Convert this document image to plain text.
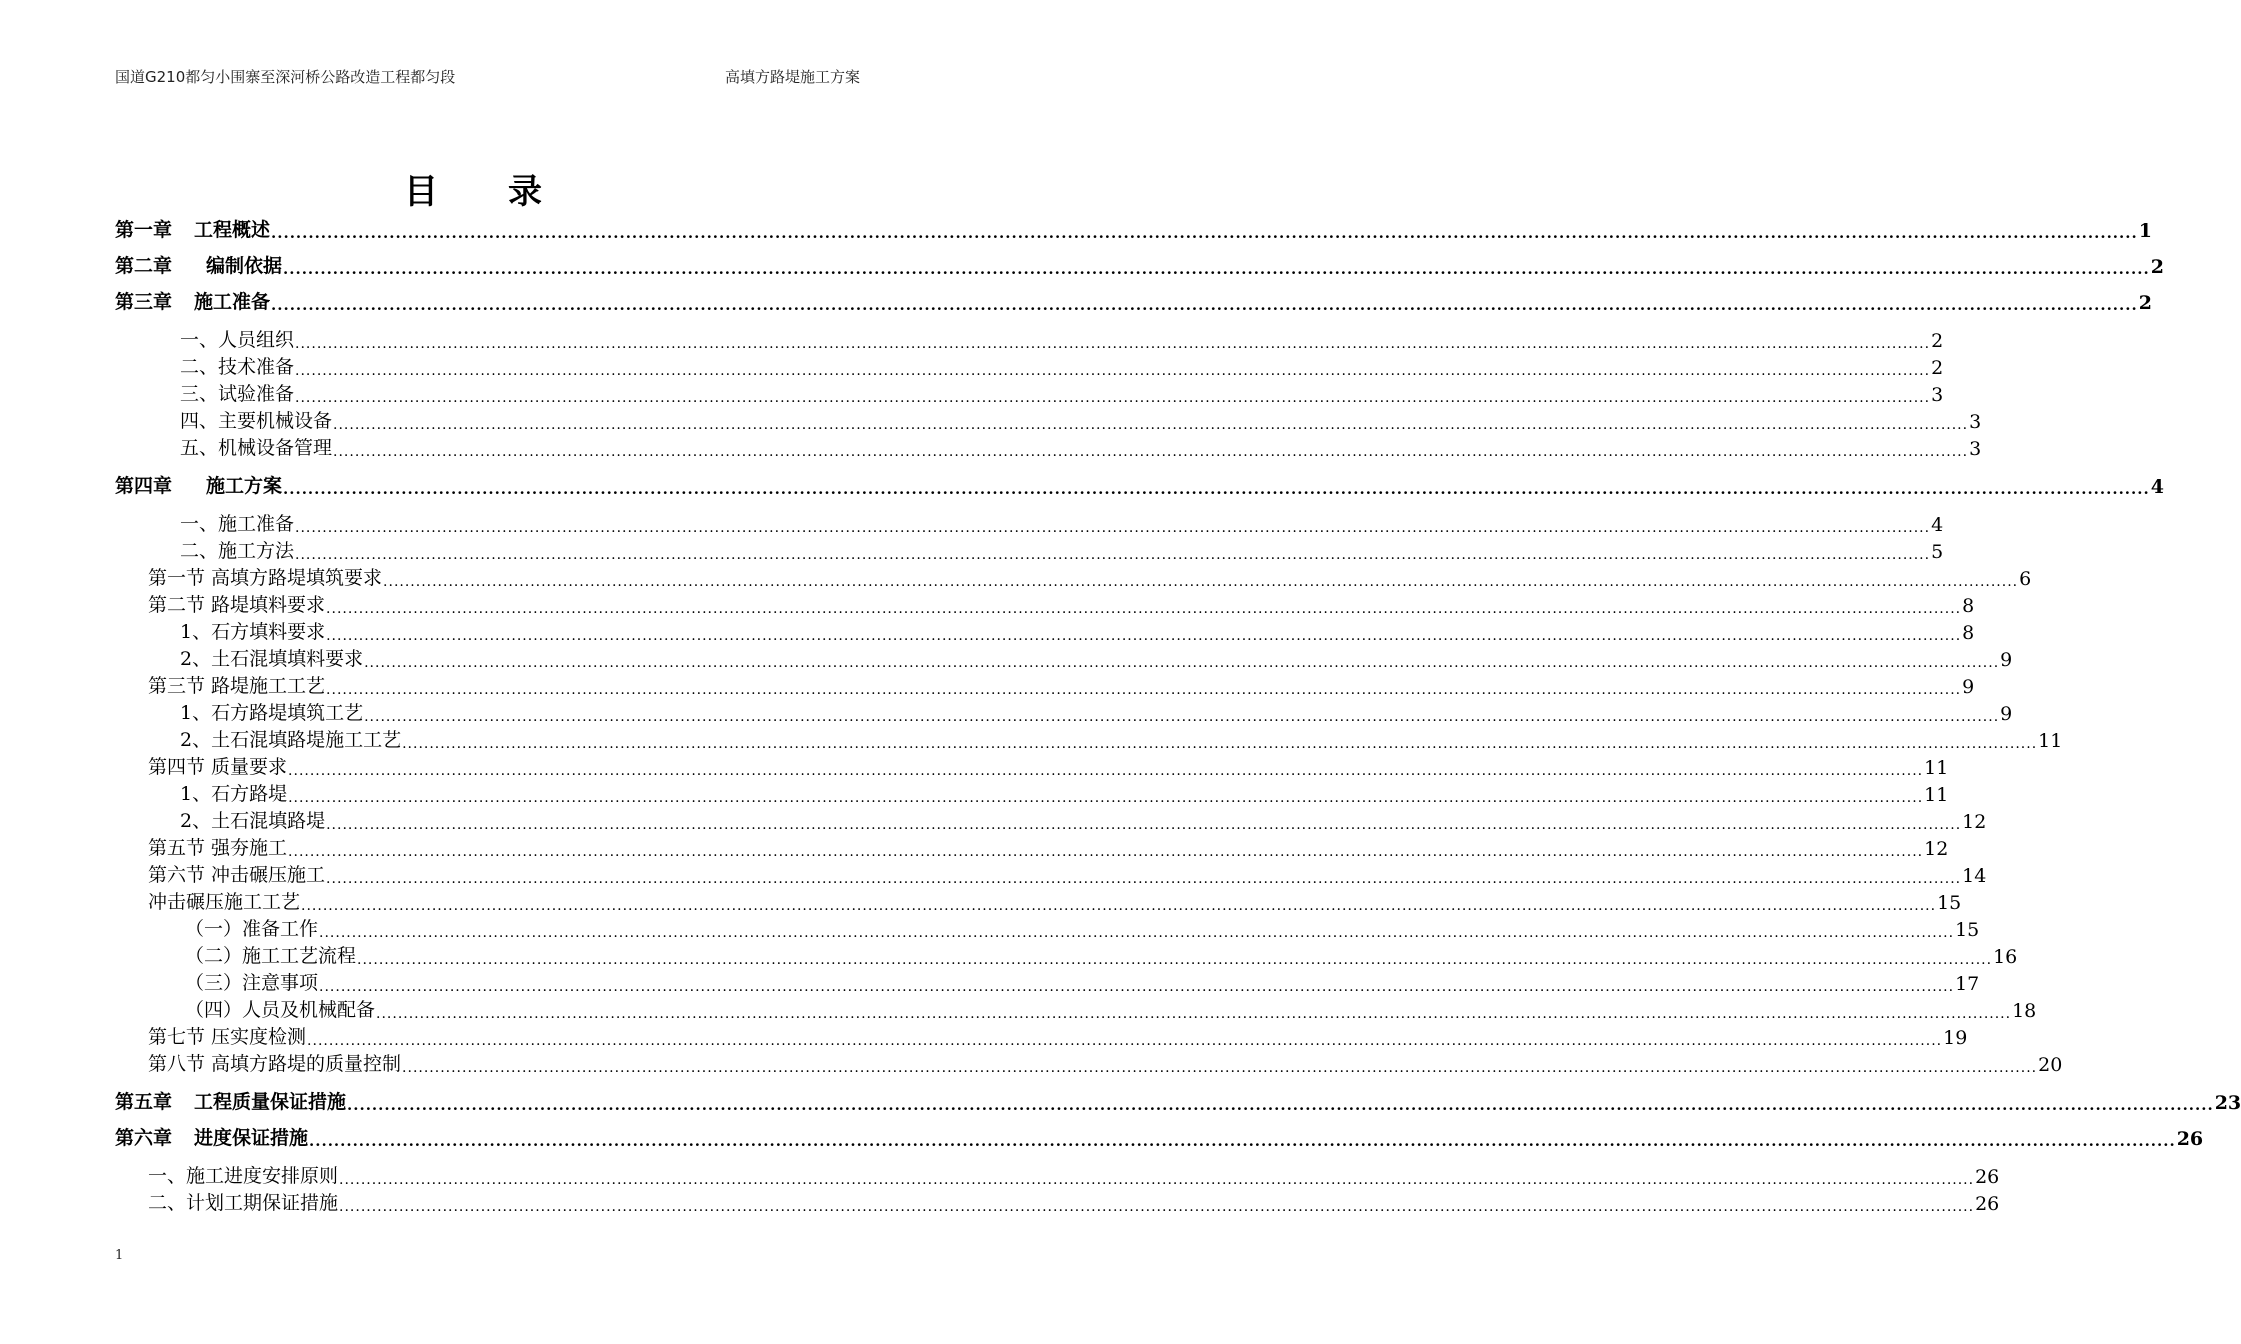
国道G210都匀小围寨至深河桥公路改造工程都匀段	高填方路堤施工方案
目 录
第一章 工程概述 ............................................................................................................................................................................................................................................................................................................ 1
第二章 编制依据 ............................................................................................................................................................................................................................................................................................................ 2
第三章 施工准备 ............................................................................................................................................................................................................................................................................................................ 2
一、人员组织 ............................................................................................................................................................................................................................................................................................................ 2
二、技术准备 ............................................................................................................................................................................................................................................................................................................ 2
三、试验准备 ............................................................................................................................................................................................................................................................................................................ 3
四、主要机械设备 ............................................................................................................................................................................................................................................................................................................ 3
五、机械设备管理 ............................................................................................................................................................................................................................................................................................................ 3
第四章 施工方案 ............................................................................................................................................................................................................................................................................................................ 4
一、施工准备 ............................................................................................................................................................................................................................................................................................................ 4
二、施工方法 ............................................................................................................................................................................................................................................................................................................ 5
第一节 高填方路堤填筑要求 ............................................................................................................................................................................................................................................................................................................ 6
第二节 路堤填料要求 ............................................................................................................................................................................................................................................................................................................ 8
1、石方填料要求 ............................................................................................................................................................................................................................................................................................................ 8
2、土石混填填料要求 ............................................................................................................................................................................................................................................................................................................ 9
第三节 路堤施工工艺 ............................................................................................................................................................................................................................................................................................................ 9
1、石方路堤填筑工艺 ............................................................................................................................................................................................................................................................................................................ 9
2、土石混填路堤施工工艺 ............................................................................................................................................................................................................................................................................................................ 11
第四节 质量要求 ............................................................................................................................................................................................................................................................................................................ 11
1、石方路堤 ............................................................................................................................................................................................................................................................................................................ 11
2、土石混填路堤 ............................................................................................................................................................................................................................................................................................................ 12
第五节 强夯施工 ............................................................................................................................................................................................................................................................................................................ 12
第六节 冲击碾压施工 ............................................................................................................................................................................................................................................................................................................ 14
冲击碾压施工工艺 ............................................................................................................................................................................................................................................................................................................ 15
（一）准备工作 ............................................................................................................................................................................................................................................................................................................ 15
（二）施工工艺流程 ............................................................................................................................................................................................................................................................................................................ 16
（三）注意事项 ............................................................................................................................................................................................................................................................................................................ 17
（四）人员及机械配备 ............................................................................................................................................................................................................................................................................................................ 18
第七节 压实度检测 ............................................................................................................................................................................................................................................................................................................ 19
第八节 高填方路堤的质量控制 ............................................................................................................................................................................................................................................................................................................ 20
第五章 工程质量保证措施 ............................................................................................................................................................................................................................................................................................................ 23
第六章 进度保证措施 ............................................................................................................................................................................................................................................................................................................ 26
一、施工进度安排原则 ............................................................................................................................................................................................................................................................................................................ 26
二、计划工期保证措施 ............................................................................................................................................................................................................................................................................................................ 26
1
